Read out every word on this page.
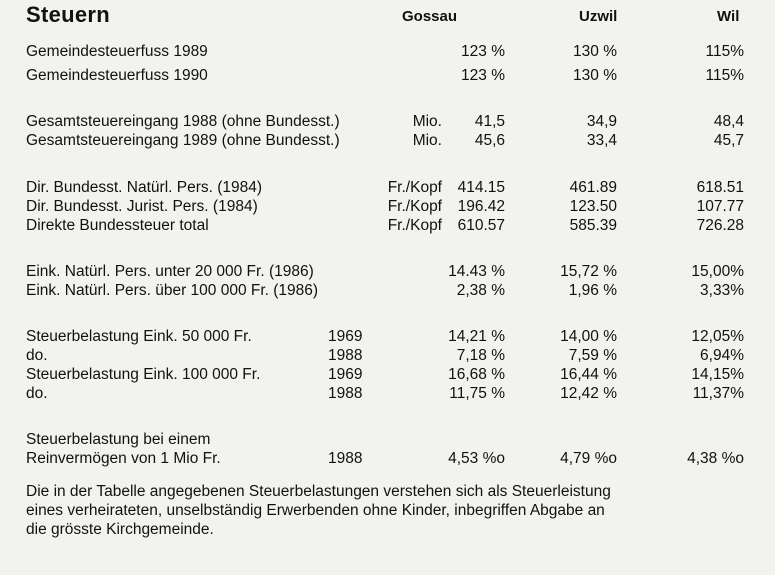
Steuern	Gossau	Uzwil	Wil
Gemeindesteuerfuss 1989	123 %	130 %	115%
Gemeindesteuerfuss 1990	123 %	130 %	115%
Gesamtsteuereingang 1988 (ohne Bundesst.)	Mio. 41,5	34,9	48,4
Gesamtsteuereingang 1989 (ohne Bundesst.)	Mio. 45,6	33,4	45,7
Dir. Bundesst. Natürl. Pers. (1984)	Fr./Kopf 414.15	461.89	618.51
Dir. Bundesst. Jurist. Pers. (1984)	Fr./Kopf 196.42	123.50	107.77
Direkte Bundessteuer total	Fr./Kopf 610.57	585.39	726.28
Eink. Natürl. Pers. unter 20 000 Fr. (1986)	14.43 %	15,72 %	15,00%
Eink. Natürl. Pers. über 100 000 Fr. (1986)	2,38 %	1,96 %	3,33%
Steuerbelastung Eink. 50 000 Fr.	1969	14,21 %	14,00 %	12,05%
do.	1988	7,18 %	7,59 %	6,94%
Steuerbelastung Eink. 100 000 Fr.	1969	16,68 %	16,44 %	14,15%
do.	1988	11,75 %	12,42 %	11,37%
Steuerbelastung bei einem
Reinvermögen von 1 Mio Fr.	1988	4,53 %o	4,79 %o	4,38 %o
Die in der Tabelle angegebenen Steuerbelastungen verstehen sich als Steuerleistung
eines verheirateten, unselbständig Erwerbenden ohne Kinder, inbegriffen Abgabe an
die grösste Kirchgemeinde.
